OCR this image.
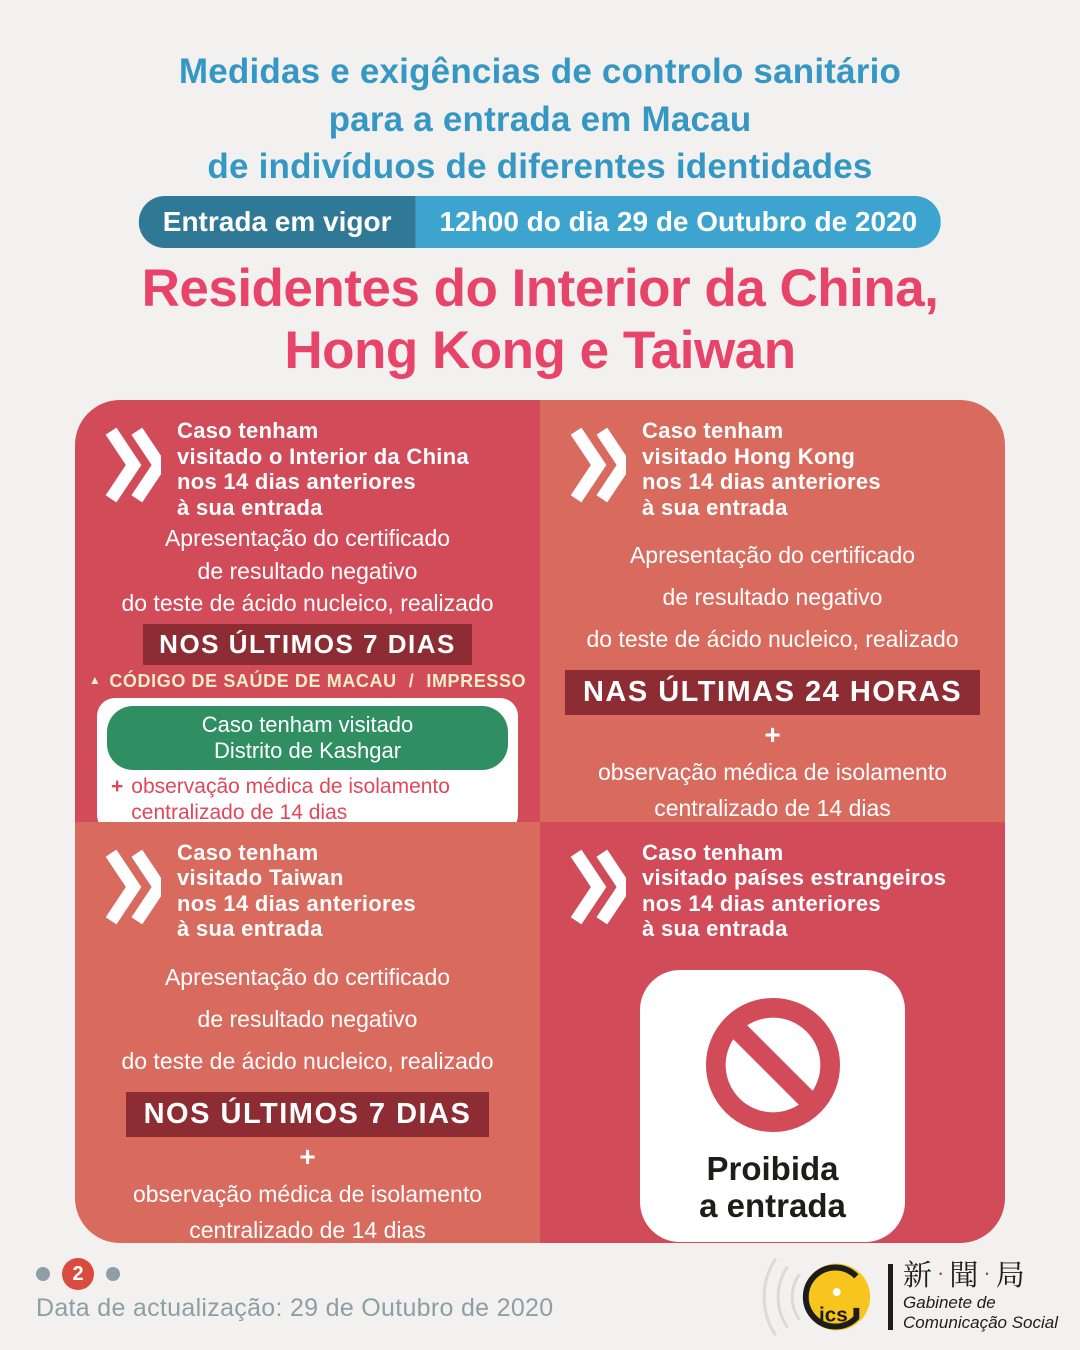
Medidas e exigências de controlo sanitário
para a entrada em Macau
de indivíduos de diferentes identidades
Entrada em vigor	12h00 do dia 29 de Outubro de 2020
Residentes do Interior da China,
Hong Kong e Taiwan
Caso tenham
visitado o Interior da China
nos 14 dias anteriores
à sua entrada
Apresentação do certificado
de resultado negativo
do teste de ácido nucleico, realizado
NOS ÚLTIMOS 7 DIAS
▲ CÓDIGO DE SAÚDE DE MACAU / IMPRESSO
Caso tenham visitado
Distrito de Kashgar
+ observação médica de isolamento
centralizado de 14 dias
Caso tenham
visitado Hong Kong
nos 14 dias anteriores
à sua entrada
Apresentação do certificado
de resultado negativo
do teste de ácido nucleico, realizado
NAS ÚLTIMAS 24 HORAS
+
observação médica de isolamento
centralizado de 14 dias
Caso tenham
visitado Taiwan
nos 14 dias anteriores
à sua entrada
Apresentação do certificado
de resultado negativo
do teste de ácido nucleico, realizado
NOS ÚLTIMOS 7 DIAS
+
observação médica de isolamento
centralizado de 14 dias
Caso tenham
visitado países estrangeiros
nos 14 dias anteriores
à sua entrada
Proibida
a entrada
2
Data de actualização: 29 de Outubro de 2020	ics
新·聞·局
Gabinete de
Comunicação Social
